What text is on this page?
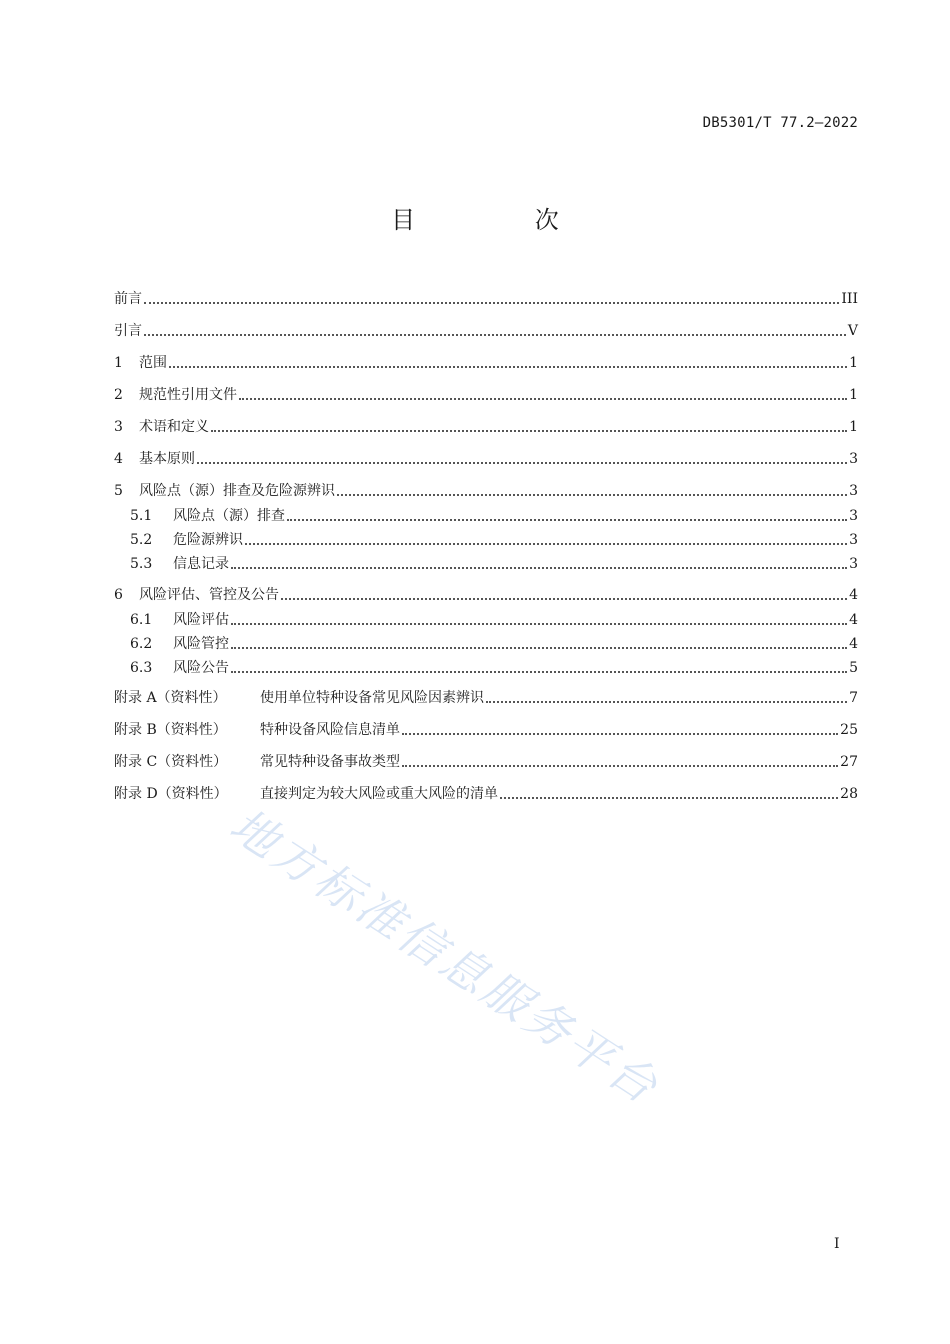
DB5301/T 77.2—2022
目 次
前言	III
引言	V
1	范围	1
2	规范性引用文件	1
3	术语和定义	1
4	基本原则	3
5	风险点（源）排查及危险源辨识	3
5.1	风险点（源）排查	3
5.2	危险源辨识	3
5.3	信息记录	3
6	风险评估、管控及公告	4
6.1	风险评估	4
6.2	风险管控	4
6.3	风险公告	5
附录 A（资料性）	使用单位特种设备常见风险因素辨识	7
附录 B（资料性）	特种设备风险信息清单	25
附录 C（资料性）	常见特种设备事故类型	27
附录 D（资料性）	直接判定为较大风险或重大风险的清单	28
地方标准信息服务平台
I
